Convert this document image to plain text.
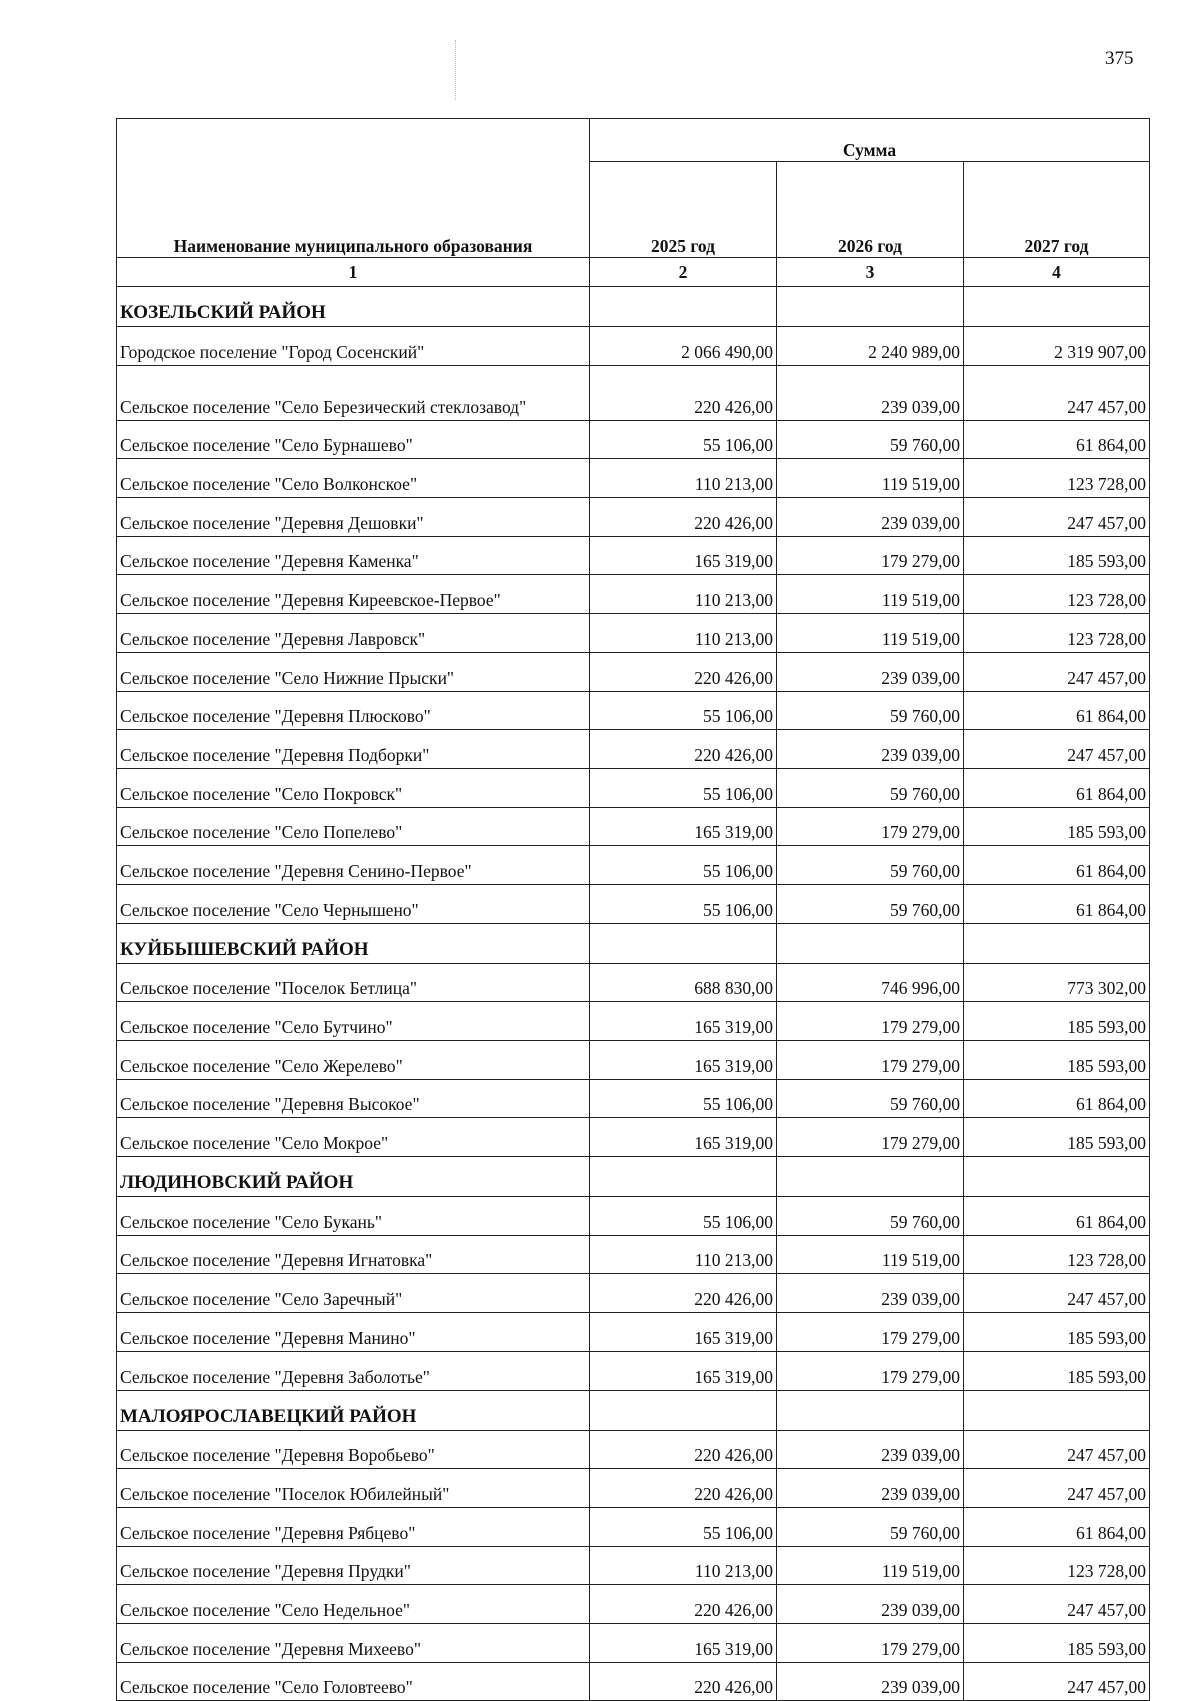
375
Наименование муниципального образования	Сумма		
	2025 год	2026 год	2027 год
1	2	3	4
КОЗЕЛЬСКИЙ РАЙОН			
Городское поселение "Город Сосенский"	2 066 490,00	2 240 989,00	2 319 907,00
Сельское поселение "Село Березичеcкий стеклозавод"	220 426,00	239 039,00	247 457,00
Сельское поселение "Село Бурнашево"	55 106,00	59 760,00	61 864,00
Сельское поселение "Село Волконское"	110 213,00	119 519,00	123 728,00
Сельское поселение "Деревня Дешовки"	220 426,00	239 039,00	247 457,00
Сельское поселение "Деревня Каменка"	165 319,00	179 279,00	185 593,00
Сельское поселение "Деревня Киреевское-Первое"	110 213,00	119 519,00	123 728,00
Сельское поселение "Деревня Лавровск"	110 213,00	119 519,00	123 728,00
Сельское поселение "Село Нижние Прыски"	220 426,00	239 039,00	247 457,00
Сельское поселение "Деревня Плюсково"	55 106,00	59 760,00	61 864,00
Сельское поселение "Деревня Подборки"	220 426,00	239 039,00	247 457,00
Сельское поселение "Село Покровск"	55 106,00	59 760,00	61 864,00
Сельское поселение "Село Попелево"	165 319,00	179 279,00	185 593,00
Сельское поселение "Деревня Сенино-Первое"	55 106,00	59 760,00	61 864,00
Сельское поселение "Село Чернышено"	55 106,00	59 760,00	61 864,00
КУЙБЫШЕВСКИЙ РАЙОН			
Сельское поселение "Поселок Бетлица"	688 830,00	746 996,00	773 302,00
Сельское поселение "Село Бутчино"	165 319,00	179 279,00	185 593,00
Сельское поселение "Село Жерелево"	165 319,00	179 279,00	185 593,00
Сельское поселение "Деревня Высокое"	55 106,00	59 760,00	61 864,00
Сельское поселение "Село Мокрое"	165 319,00	179 279,00	185 593,00
ЛЮДИНОВСКИЙ РАЙОН			
Сельское поселение "Село Букань"	55 106,00	59 760,00	61 864,00
Сельское поселение "Деревня Игнатовка"	110 213,00	119 519,00	123 728,00
Сельское поселение "Село Заречный"	220 426,00	239 039,00	247 457,00
Сельское поселение "Деревня Манино"	165 319,00	179 279,00	185 593,00
Сельское поселение "Деревня Заболотье"	165 319,00	179 279,00	185 593,00
МАЛОЯРОСЛАВЕЦКИЙ РАЙОН			
Сельское поселение "Деревня Воробьево"	220 426,00	239 039,00	247 457,00
Сельское поселение "Поселок Юбилейный"	220 426,00	239 039,00	247 457,00
Сельское поселение "Деревня Рябцево"	55 106,00	59 760,00	61 864,00
Сельское поселение "Деревня Прудки"	110 213,00	119 519,00	123 728,00
Сельское поселение "Село Недельное"	220 426,00	239 039,00	247 457,00
Сельское поселение "Деревня Михеево"	165 319,00	179 279,00	185 593,00
Сельское поселение "Село Головтеево"	220 426,00	239 039,00	247 457,00
